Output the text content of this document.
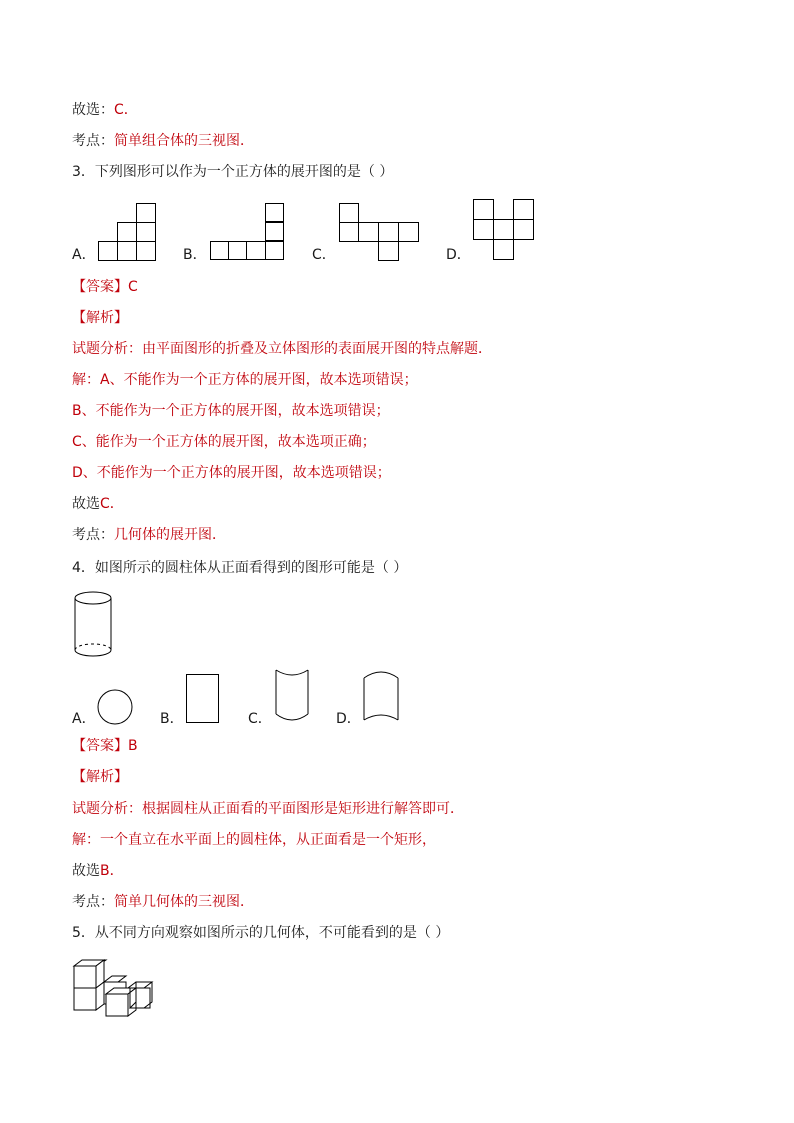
故选：C．
考点：简单组合体的三视图．
3．下列图形可以作为一个正方体的展开图的是（ ）
A．	B．	C．	D．
【答案】C
【解析】
试题分析：由平面图形的折叠及立体图形的表面展开图的特点解题．
解：A、不能作为一个正方体的展开图，故本选项错误；
B、不能作为一个正方体的展开图，故本选项错误；
C、能作为一个正方体的展开图，故本选项正确；
D、不能作为一个正方体的展开图，故本选项错误；
故选C．
考点：几何体的展开图．
4．如图所示的圆柱体从正面看得到的图形可能是（ ）
A．	B．	C．	D．
【答案】B
【解析】
试题分析：根据圆柱从正面看的平面图形是矩形进行解答即可．
解：一个直立在水平面上的圆柱体，从正面看是一个矩形，
故选B．
考点：简单几何体的三视图．
5．从不同方向观察如图所示的几何体，不可能看到的是（ ）
